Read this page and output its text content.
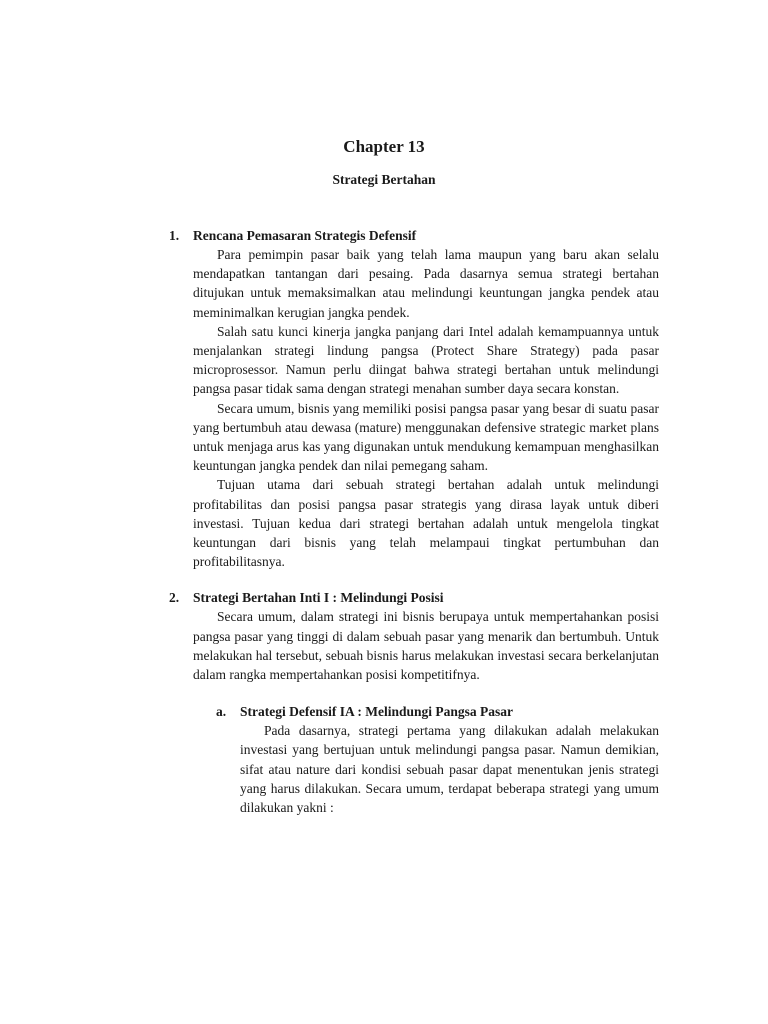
Chapter 13
Strategi Bertahan
1. Rencana Pemasaran Strategis Defensif

Para pemimpin pasar baik yang telah lama maupun yang baru akan selalu mendapatkan tantangan dari pesaing. Pada dasarnya semua strategi bertahan ditujukan untuk memaksimalkan atau melindungi keuntungan jangka pendek atau meminimalkan kerugian jangka pendek.

Salah satu kunci kinerja jangka panjang dari Intel adalah kemampuannya untuk menjalankan strategi lindung pangsa (Protect Share Strategy) pada pasar microprosessor. Namun perlu diingat bahwa strategi bertahan untuk melindungi pangsa pasar tidak sama dengan strategi menahan sumber daya secara konstan.

Secara umum, bisnis yang memiliki posisi pangsa pasar yang besar di suatu pasar yang bertumbuh atau dewasa (mature) menggunakan defensive strategic market plans untuk menjaga arus kas yang digunakan untuk mendukung kemampuan menghasilkan keuntungan jangka pendek dan nilai pemegang saham.

Tujuan utama dari sebuah strategi bertahan adalah untuk melindungi profitabilitas dan posisi pangsa pasar strategis yang dirasa layak untuk diberi investasi. Tujuan kedua dari strategi bertahan adalah untuk mengelola tingkat keuntungan dari bisnis yang telah melampaui tingkat pertumbuhan dan profitabilitasnya.

2. Strategi Bertahan Inti I : Melindungi Posisi

Secara umum, dalam strategi ini bisnis berupaya untuk mempertahankan posisi pangsa pasar yang tinggi di dalam sebuah pasar yang menarik dan bertumbuh. Untuk melakukan hal tersebut, sebuah bisnis harus melakukan investasi secara berkelanjutan dalam rangka mempertahankan posisi kompetitifnya.

a. Strategi Defensif IA : Melindungi Pangsa Pasar

Pada dasarnya, strategi pertama yang dilakukan adalah melakukan investasi yang bertujuan untuk melindungi pangsa pasar. Namun demikian, sifat atau nature dari kondisi sebuah pasar dapat menentukan jenis strategi yang harus dilakukan. Secara umum, terdapat beberapa strategi yang umum dilakukan yakni :
